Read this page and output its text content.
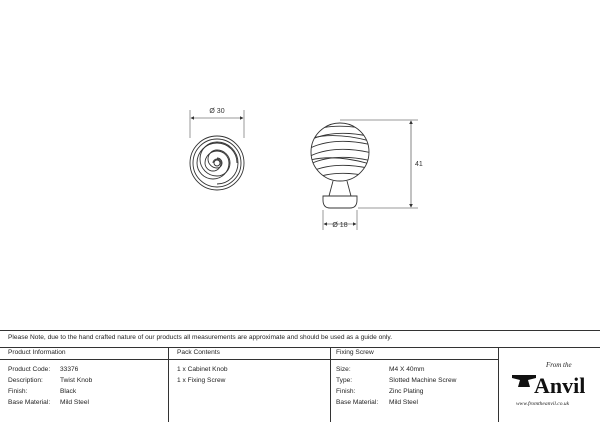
Ø 30
41
Ø 18
Please Note, due to the hand crafted nature of our products all measurements are approximate and should be used as a guide only.
Product Information
Product Code: 33376
Description:	Twist Knob
Finish:	Black
Base Material: Mild Steel
Pack Contents
1 x Cabinet Knob
1 x Fixing Screw
Fixing Screw
Size:	M4 X 40mm
Type:	Slotted Machine Screw
Finish:	Zinc Plating
Base Material: Mild Steel
From the
Anvil
www.fromtheanvil.co.uk
